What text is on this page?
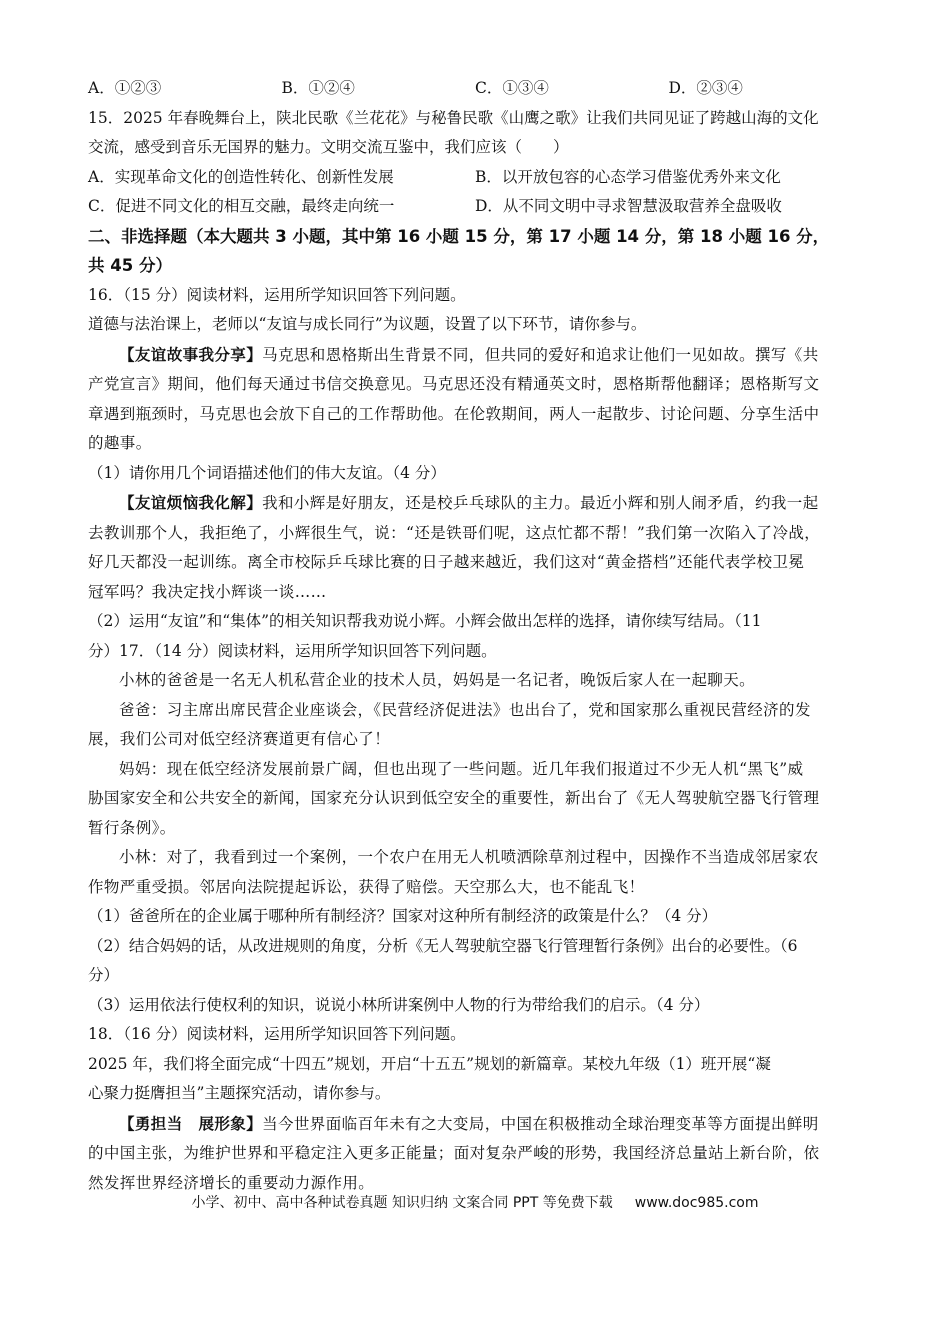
A．①②③	B．①②④	C．①③④	D．②③④
15．2025 年春晚舞台上，陕北民歌《兰花花》与秘鲁民歌《山鹰之歌》让我们共同见证了跨越山海的文化
交流，感受到音乐无国界的魅力。文明交流互鉴中，我们应该（　　）
A．实现革命文化的创造性转化、创新性发展	B．以开放包容的心态学习借鉴优秀外来文化
C．促进不同文化的相互交融，最终走向统一	D．从不同文明中寻求智慧汲取营养全盘吸收
二、非选择题（本大题共 3 小题，其中第 16 小题 15 分，第 17 小题 14 分，第 18 小题 16 分，
共 45 分）
16．（15 分）阅读材料，运用所学知识回答下列问题。
道德与法治课上，老师以“友谊与成长同行”为议题，设置了以下环节，请你参与。
【友谊故事我分享】马克思和恩格斯出生背景不同，但共同的爱好和追求让他们一见如故。撰写《共
产党宣言》期间，他们每天通过书信交换意见。马克思还没有精通英文时，恩格斯帮他翻译；恩格斯写文
章遇到瓶颈时，马克思也会放下自己的工作帮助他。在伦敦期间，两人一起散步、讨论问题、分享生活中
的趣事。
（1）请你用几个词语描述他们的伟大友谊。（4 分）
【友谊烦恼我化解】我和小辉是好朋友，还是校乒乓球队的主力。最近小辉和别人闹矛盾，约我一起
去教训那个人，我拒绝了，小辉很生气，说：“还是铁哥们呢，这点忙都不帮！”我们第一次陷入了冷战，
好几天都没一起训练。离全市校际乒乓球比赛的日子越来越近，我们这对“黄金搭档”还能代表学校卫冕
冠军吗？我决定找小辉谈一谈……
（2）运用“友谊”和“集体”的相关知识帮我劝说小辉。小辉会做出怎样的选择，请你续写结局。（11
分）17．（14 分）阅读材料，运用所学知识回答下列问题。
小林的爸爸是一名无人机私营企业的技术人员，妈妈是一名记者，晚饭后家人在一起聊天。
爸爸：习主席出席民营企业座谈会，《民营经济促进法》也出台了，党和国家那么重视民营经济的发
展，我们公司对低空经济赛道更有信心了！
妈妈：现在低空经济发展前景广阔，但也出现了一些问题。近几年我们报道过不少无人机“黑飞”威
胁国家安全和公共安全的新闻，国家充分认识到低空安全的重要性，新出台了《无人驾驶航空器飞行管理
暂行条例》。
小林：对了，我看到过一个案例，一个农户在用无人机喷洒除草剂过程中，因操作不当造成邻居家农
作物严重受损。邻居向法院提起诉讼，获得了赔偿。天空那么大，也不能乱飞！
（1）爸爸所在的企业属于哪种所有制经济？国家对这种所有制经济的政策是什么？（4 分）
（2）结合妈妈的话，从改进规则的角度，分析《无人驾驶航空器飞行管理暂行条例》出台的必要性。（6
分）
（3）运用依法行使权利的知识，说说小林所讲案例中人物的行为带给我们的启示。（4 分）
18．（16 分）阅读材料，运用所学知识回答下列问题。
2025 年，我们将全面完成“十四五”规划，开启“十五五”规划的新篇章。某校九年级（1）班开展“凝
心聚力挺膺担当”主题探究活动，请你参与。
【勇担当　展形象】当今世界面临百年未有之大变局，中国在积极推动全球治理变革等方面提出鲜明
的中国主张，为维护世界和平稳定注入更多正能量；面对复杂严峻的形势，我国经济总量站上新台阶，依
然发挥世界经济增长的重要动力源作用。
小学、初中、高中各种试卷真题 知识归纳 文案合同 PPT 等免费下载 www.doc985.com
